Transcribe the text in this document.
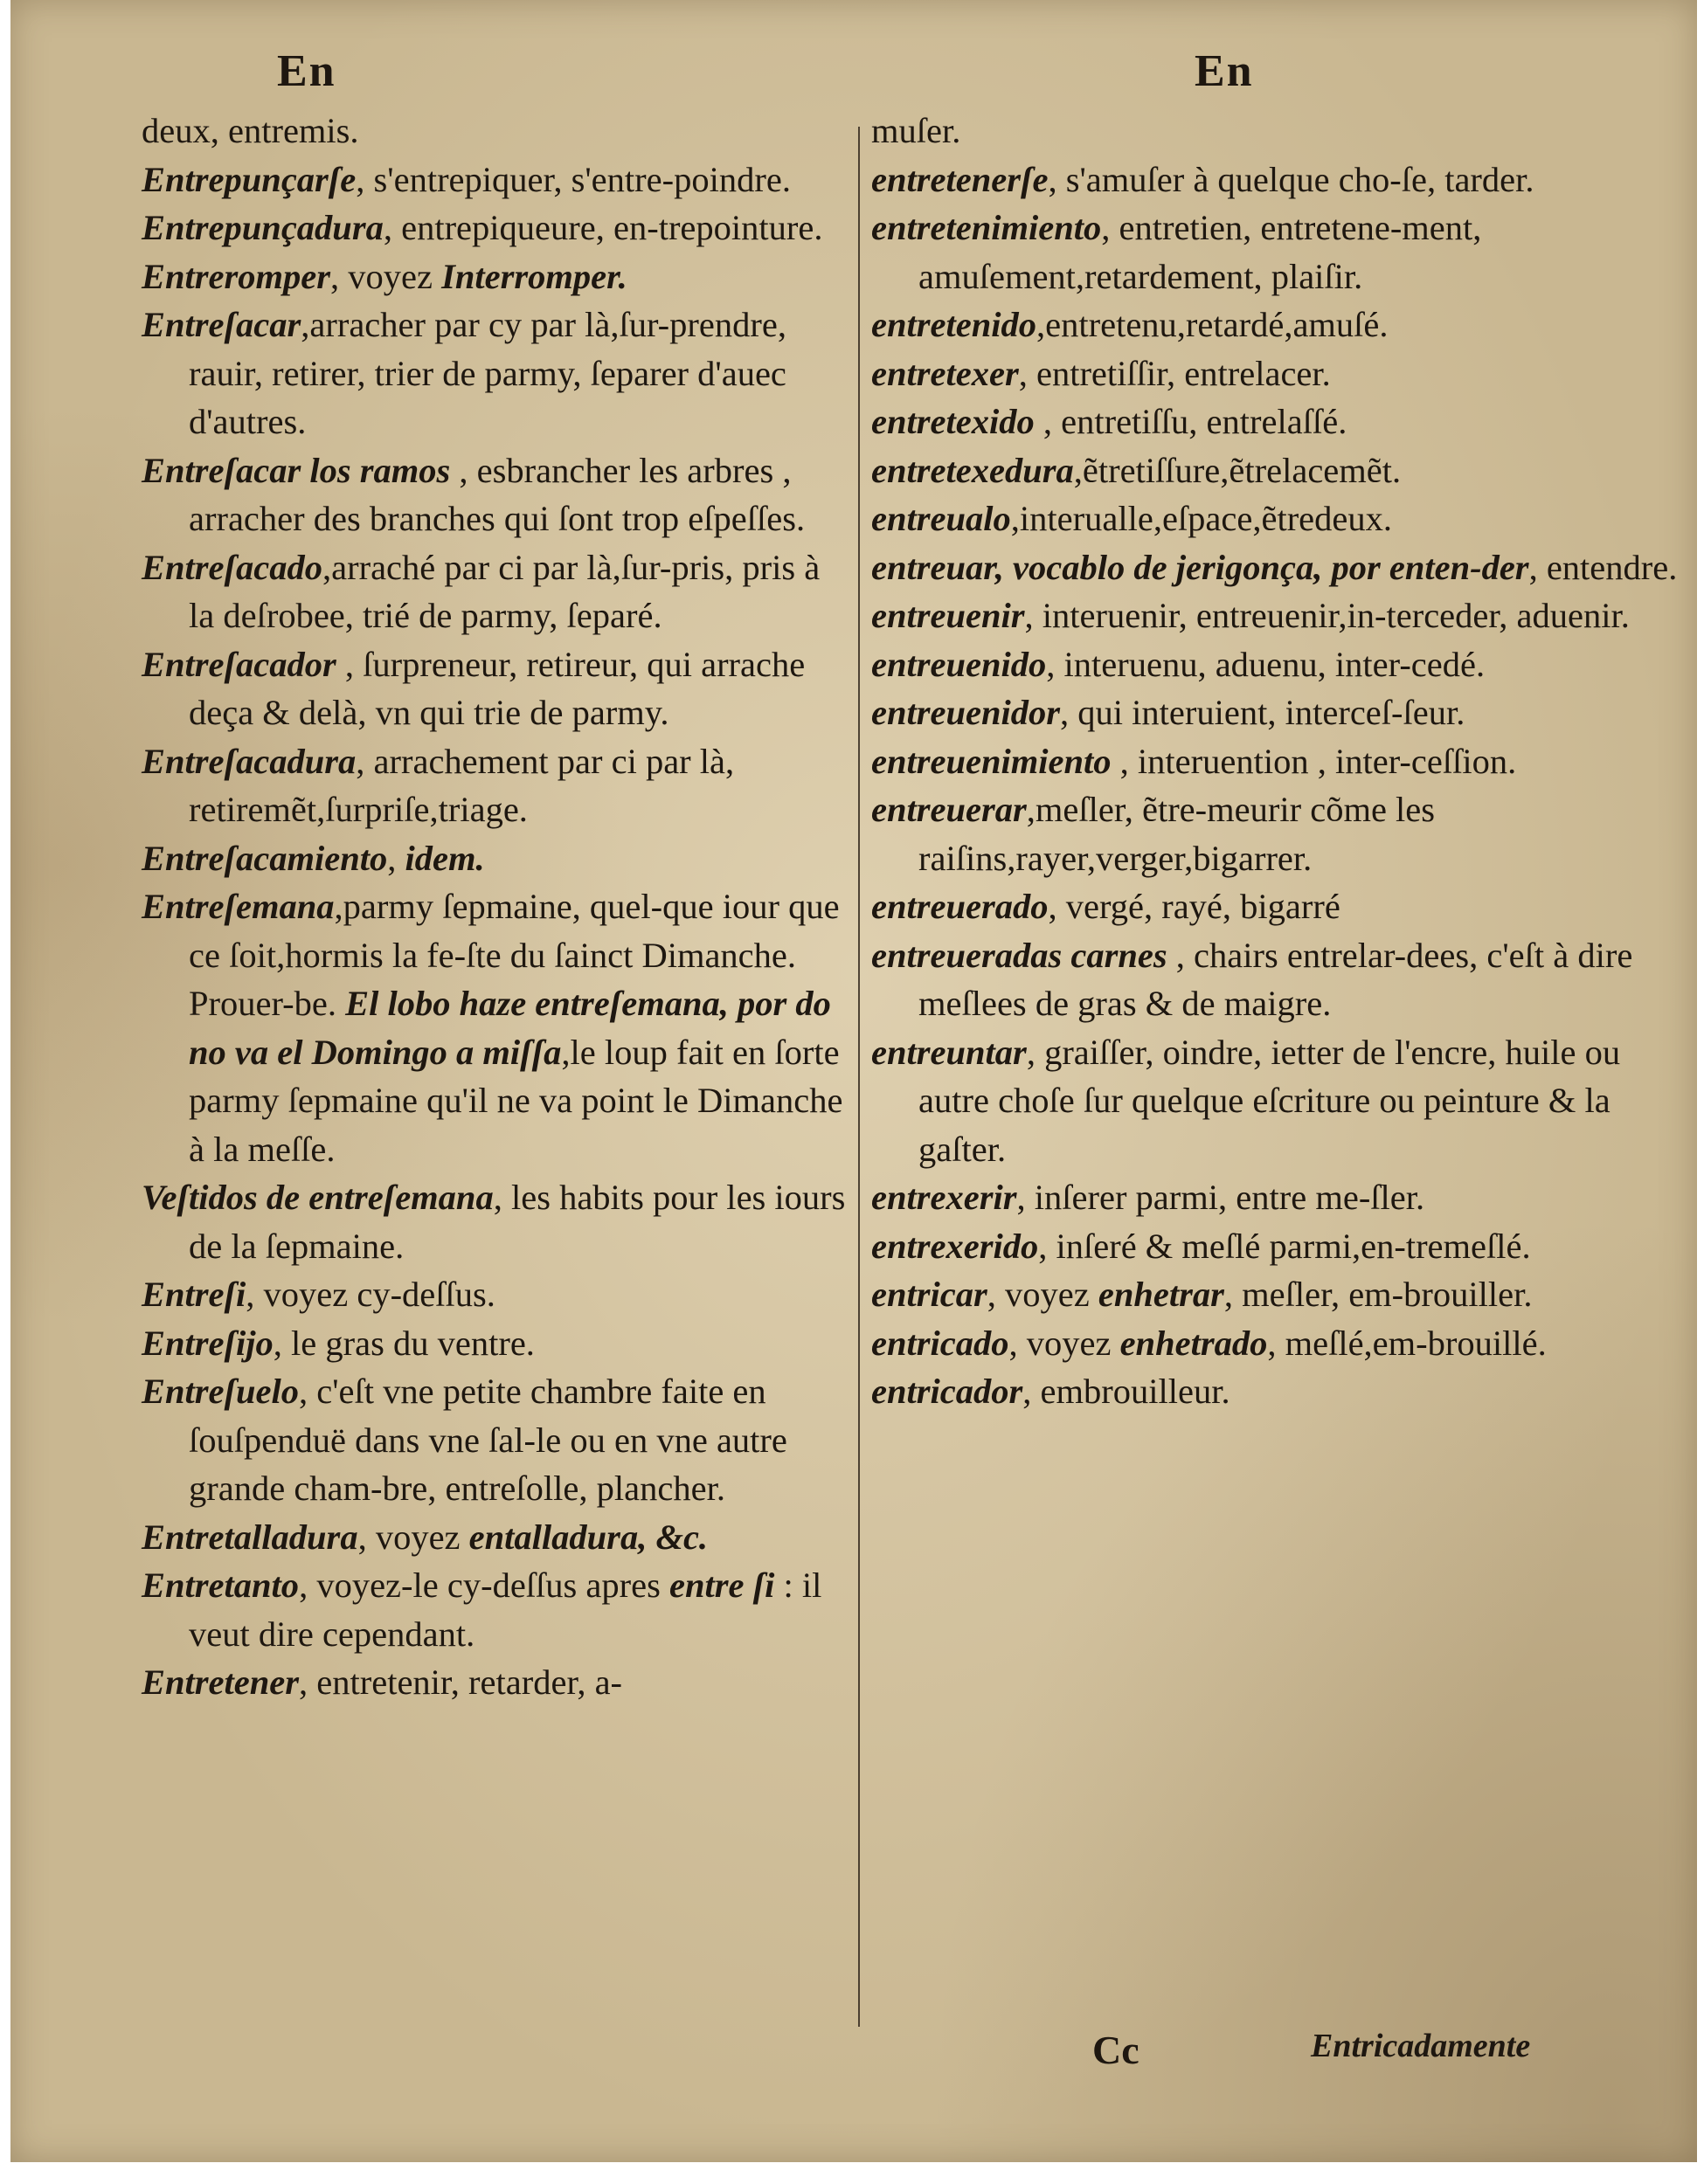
En	En

deux, entremis.

Entrepunçarſe, s'entrepiquer, s'entre-poindre.

Entrepunçadura, entrepiqueure, en-trepointure.

Entreromper, voyez Interromper.

Entreſacar,arracher par cy par là,ſur-prendre, rauir, retirer, trier de parmy, ſeparer d'auec d'autres.

Entreſacar los ramos , esbrancher les arbres , arracher des branches qui ſont trop eſpeſſes.

Entreſacado,arraché par ci par là,ſur-pris, pris à la deſrobee, trié de parmy, ſeparé.

Entreſacador , ſurpreneur, retireur, qui arrache deça & delà, vn qui trie de parmy.

Entreſacadura, arrachement par ci par là, retiremẽt,ſurpriſe,triage.

Entreſacamiento, idem.

Entreſemana,parmy ſepmaine, quel-que iour que ce ſoit,hormis la fe-ſte du ſainct Dimanche. Prouer-be. El lobo haze entreſemana, por do no va el Domingo a miſſa,le loup fait en ſorte parmy ſepmaine qu'il ne va point le Dimanche à la meſſe.

Veſtidos de entreſemana, les habits pour les iours de la ſepmaine.

Entreſi, voyez cy-deſſus.

Entreſijo, le gras du ventre.

Entreſuelo, c'eſt vne petite chambre faite en ſouſpenduë dans vne ſal-le ou en vne autre grande cham-bre, entreſolle, plancher.

Entretalladura, voyez entalladura, &c.

Entretanto, voyez-le cy-deſſus apres entre ſi : il veut dire cependant.

Entretener, entretenir, retarder, a-

muſer.

entretenerſe, s'amuſer à quelque cho-ſe, tarder.

entretenimiento, entretien, entretene-ment, amuſement,retardement, plaiſir.

entretenido,entretenu,retardé,amuſé.

entretexer, entretiſſir, entrelacer.

entretexido , entretiſſu, entrelaſſé.

entretexedura,ẽtretiſſure,ẽtrelacemẽt.

entreualo,interualle,eſpace,ẽtredeux.

entreuar, vocablo de jerigonça, por enten-der, entendre.

entreuenir, interuenir, entreuenir,in-terceder, aduenir.

entreuenido, interuenu, aduenu, inter-cedé.

entreuenidor, qui interuient, interceſ-ſeur.

entreuenimiento , interuention , inter-ceſſion.

entreuerar,meſler, ẽtre-meurir cõme les raiſins,rayer,verger,bigarrer.

entreuerado, vergé, rayé, bigarré

entreueradas carnes , chairs entrelar-dees, c'eſt à dire meſlees de gras & de maigre.

entreuntar, graiſſer, oindre, ietter de l'encre, huile ou autre choſe ſur quelque eſcriture ou peinture & la gaſter.

entrexerir, inſerer parmi, entre me-ſler.

entrexerido, inſeré & meſlé parmi,en-tremeſlé.

entricar, voyez enhetrar, meſler, em-brouiller.

entricado, voyez enhetrado, meſlé,em-brouillé.

entricador, embrouilleur.

Cc	Entricadamente
